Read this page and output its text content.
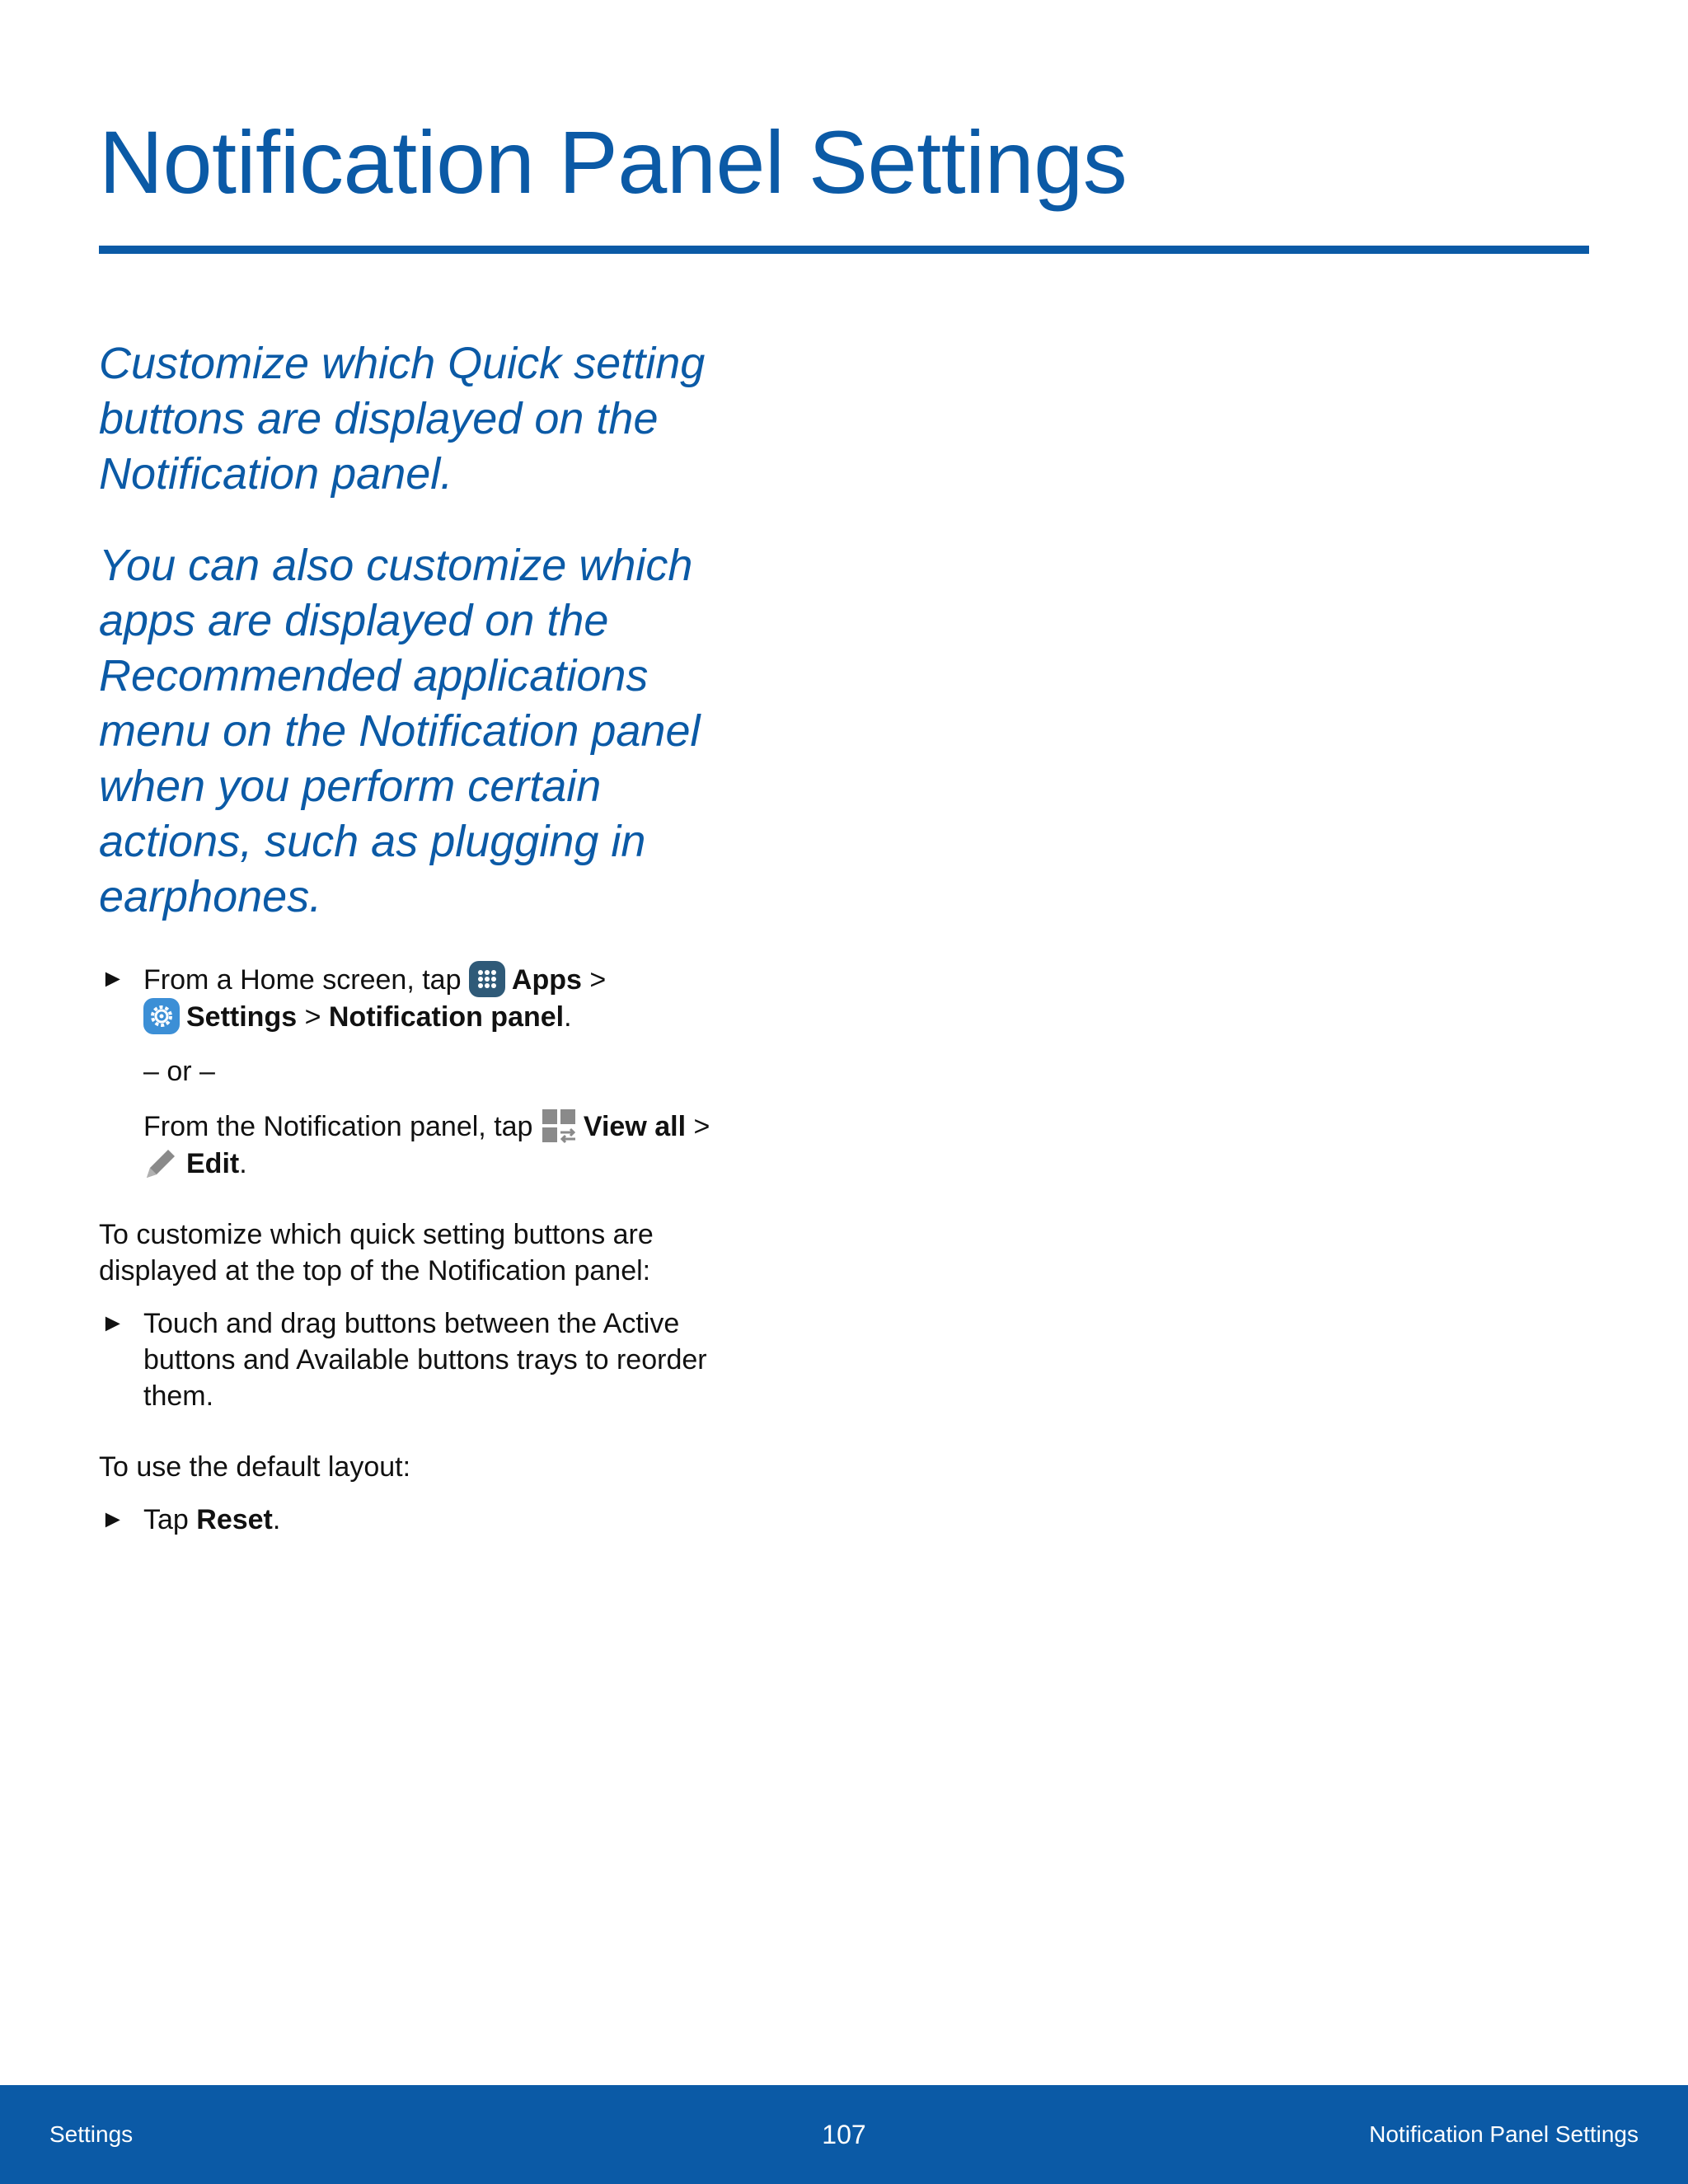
Notification Panel Settings

Customize which Quick setting buttons are displayed on the Notification panel.

You can also customize which apps are displayed on the Recommended applications menu on the Notification panel when you perform certain actions, such as plugging in earphones.

► From a Home screen, tap Apps >
Settings > Notification panel.

– or –
From the Notification panel, tap View all >
Edit.

To customize which quick setting buttons are displayed at the top of the Notification panel:

► Touch and drag buttons between the Active buttons and Available buttons trays to reorder them.

To use the default layout:

► Tap Reset.

Settings	107	Notification Panel Settings
